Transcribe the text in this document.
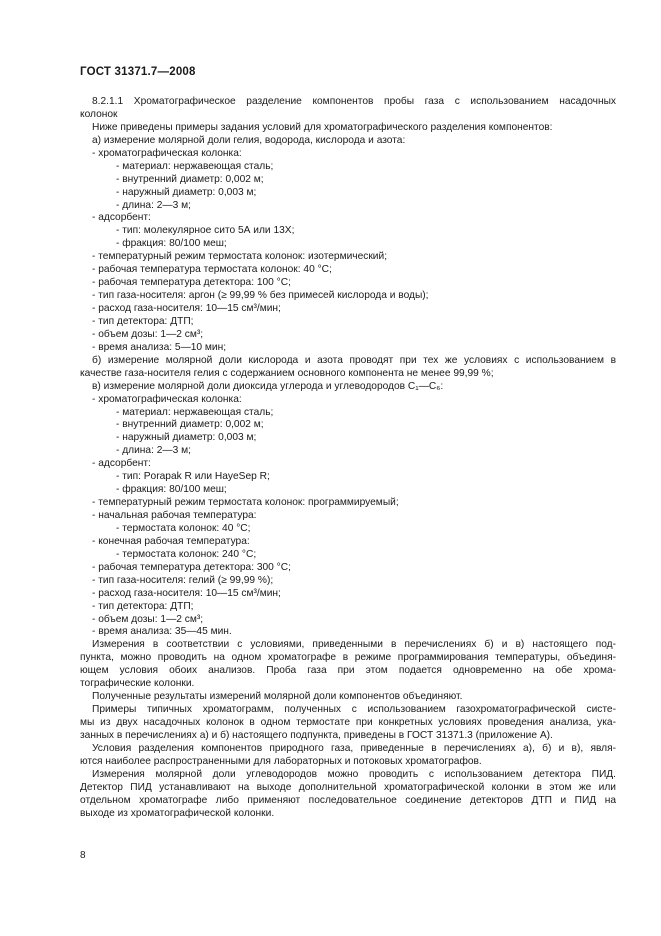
ГОСТ 31371.7—2008
8.2.1.1 Хроматографическое разделение компонентов пробы газа с использованием насадочных
колонок
Ниже приведены примеры задания условий для хроматографического разделения компонентов:
а) измерение молярной доли гелия, водорода, кислорода и азота:
- хроматографическая колонка:
- материал: нержавеющая сталь;
- внутренний диаметр: 0,002 м;
- наружный диаметр: 0,003 м;
- длина: 2—3 м;
- адсорбент:
- тип: молекулярное сито 5А или 13Х;
- фракция: 80/100 меш;
- температурный режим термостата колонок: изотермический;
- рабочая температура термостата колонок: 40 °С;
- рабочая температура детектора: 100 °С;
- тип газа-носителя: аргон (≥ 99,99 % без примесей кислорода и воды);
- расход газа-носителя: 10—15 см³/мин;
- тип детектора: ДТП;
- объем дозы: 1—2 см³;
- время анализа: 5—10 мин;
б) измерение молярной доли кислорода и азота проводят при тех же условиях с использованием в
качестве газа-носителя гелия с содержанием основного компонента не менее 99,99 %;
в) измерение молярной доли диоксида углерода и углеводородов С₁—С₆:
- хроматографическая колонка:
- материал: нержавеющая сталь;
- внутренний диаметр: 0,002 м;
- наружный диаметр: 0,003 м;
- длина: 2—3 м;
- адсорбент:
- тип: Porapak R или HayeSep R;
- фракция: 80/100 меш;
- температурный режим термостата колонок: программируемый;
- начальная рабочая температура:
- термостата колонок: 40 °С;
- конечная рабочая температура:
- термостата колонок: 240 °С;
- рабочая температура детектора: 300 °С;
- тип газа-носителя: гелий (≥ 99,99 %);
- расход газа-носителя: 10—15 см³/мин;
- тип детектора: ДТП;
- объем дозы: 1—2 см³;
- время анализа: 35—45 мин.
Измерения в соответствии с условиями, приведенными в перечислениях б) и в) настоящего под-
пункта, можно проводить на одном хроматографе в режиме программирования температуры, объединя-
ющем условия обоих анализов. Проба газа при этом подается одновременно на обе хрома-
тографические колонки.
Полученные результаты измерений молярной доли компонентов объединяют.
Примеры типичных хроматограмм, полученных с использованием газохроматографической систе-
мы из двух насадочных колонок в одном термостате при конкретных условиях проведения анализа, ука-
занных в перечислениях а) и б) настоящего подпункта, приведены в ГОСТ 31371.3 (приложение А).
Условия разделения компонентов природного газа, приведенные в перечислениях а), б) и в), явля-
ются наиболее распространенными для лабораторных и потоковых хроматографов.
Измерения молярной доли углеводородов можно проводить с использованием детектора ПИД.
Детектор ПИД устанавливают на выходе дополнительной хроматографической колонки в этом же или
отдельном хроматографе либо применяют последовательное соединение детекторов ДТП и ПИД на
выходе из хроматографической колонки.
8
